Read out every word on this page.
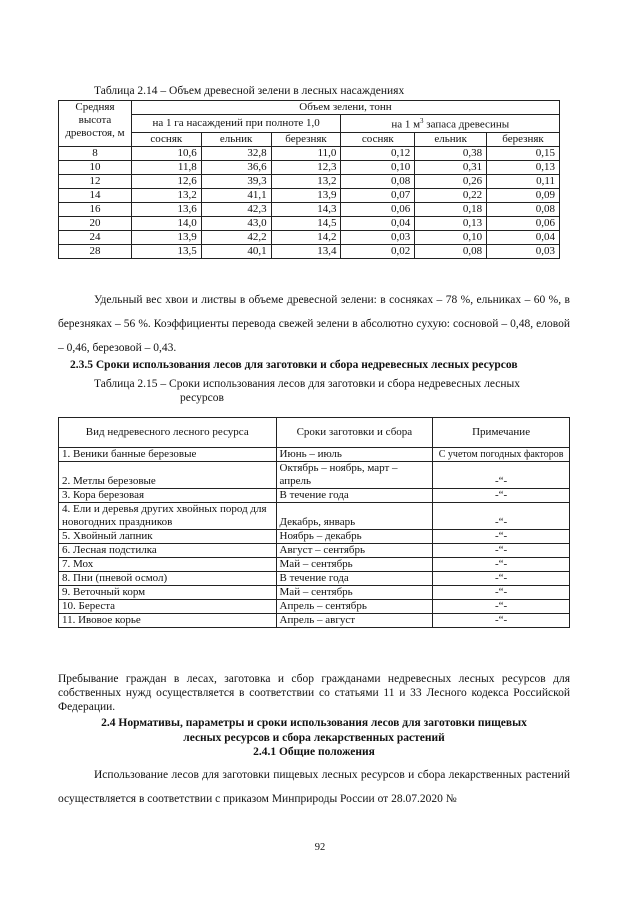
Таблица 2.14 – Объем древесной зелени в лесных насаждениях
Средняя высота древостоя, м	Объем зелени, тонн					
	на 1 га насаждений при полноте 1,0			на 1 $м^3$ запаса древесины		
	сосняк	ельник	березняк	сосняк	ельник	березняк
8	10,6	32,8	11,0	0,12	0,38	0,15
10	11,8	36,6	12,3	0,10	0,31	0,13
12	12,6	39,3	13,2	0,08	0,26	0,11
14	13,2	41,1	13,9	0,07	0,22	0,09
16	13,6	42,3	14,3	0,06	0,18	0,08
20	14,0	43,0	14,5	0,04	0,13	0,06
24	13,9	42,2	14,2	0,03	0,10	0,04
28	13,5	40,1	13,4	0,02	0,08	0,03
Удельный вес хвои и листвы в объеме древесной зелени: в сосняках – 78 %, ельниках – 60 %, в березняках – 56 %. Коэффициенты перевода свежей зелени в абсолютно сухую: сосновой – 0,48, еловой – 0,46, березовой – 0,43.
2.3.5 Сроки использования лесов для заготовки и сбора недревесных лесных ресурсов
Таблица 2.15 – Сроки использования лесов для заготовки и сбора недревесных лесных
ресурсов
Вид недревесного лесного ресурса	Сроки заготовки и сбора	Примечание
1. Веники банные березовые	Июнь – июль	С учетом погодных факторов
2. Метлы березовые	Октябрь – ноябрь, март – апрель	-“-
3. Кора березовая	В течение года	-“-
4. Ели и деревья других хвойных пород для новогодних праздников	Декабрь, январь	-“-
5. Хвойный лапник	Ноябрь – декабрь	-“-
6. Лесная подстилка	Август – сентябрь	-“-
7. Мох	Май – сентябрь	-“-
8. Пни (пневой осмол)	В течение года	-“-
9. Веточный корм	Май – сентябрь	-“-
10. Береста	Апрель – сентябрь	-“-
11. Ивовое корье	Апрель – август	-“-
Пребывание граждан в лесах, заготовка и сбор гражданами недревесных лесных ресурсов для собственных нужд осуществляется в соответствии со статьями 11 и 33 Лесного кодекса Российской Федерации.
2.4 Нормативы, параметры и сроки использования лесов для заготовки пищевых
лесных ресурсов и сбора лекарственных растений
2.4.1 Общие положения
Использование лесов для заготовки пищевых лесных ресурсов и сбора лекарственных растений осуществляется в соответствии с приказом Минприроды России от 28.07.2020 №
92
